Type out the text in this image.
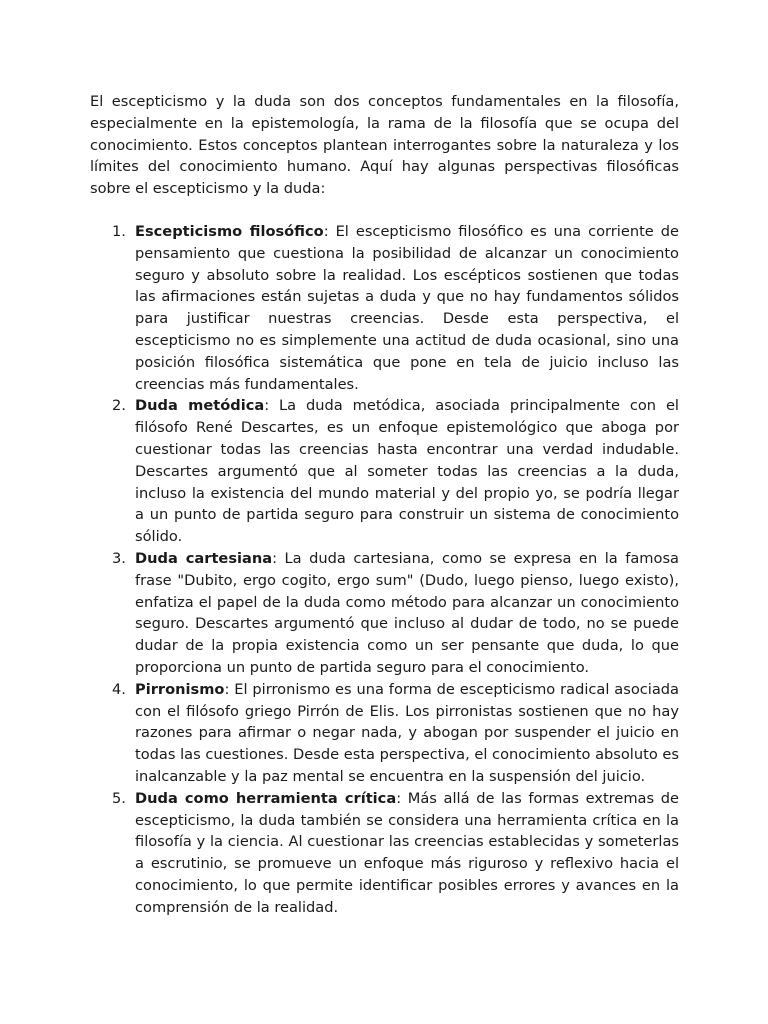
El escepticismo y la duda son dos conceptos fundamentales en la filosofía, especialmente en la epistemología, la rama de la filosofía que se ocupa del conocimiento. Estos conceptos plantean interrogantes sobre la naturaleza y los límites del conocimiento humano. Aquí hay algunas perspectivas filosóficas sobre el escepticismo y la duda:

1. Escepticismo filosófico: El escepticismo filosófico es una corriente de pensamiento que cuestiona la posibilidad de alcanzar un conocimiento seguro y absoluto sobre la realidad. Los escépticos sostienen que todas las afirmaciones están sujetas a duda y que no hay fundamentos sólidos para justificar nuestras creencias. Desde esta perspectiva, el escepticismo no es simplemente una actitud de duda ocasional, sino una posición filosófica sistemática que pone en tela de juicio incluso las creencias más fundamentales.
2. Duda metódica: La duda metódica, asociada principalmente con el filósofo René Descartes, es un enfoque epistemológico que aboga por cuestionar todas las creencias hasta encontrar una verdad indudable. Descartes argumentó que al someter todas las creencias a la duda, incluso la existencia del mundo material y del propio yo, se podría llegar a un punto de partida seguro para construir un sistema de conocimiento sólido.
3. Duda cartesiana: La duda cartesiana, como se expresa en la famosa frase "Dubito, ergo cogito, ergo sum" (Dudo, luego pienso, luego existo), enfatiza el papel de la duda como método para alcanzar un conocimiento seguro. Descartes argumentó que incluso al dudar de todo, no se puede dudar de la propia existencia como un ser pensante que duda, lo que proporciona un punto de partida seguro para el conocimiento.
4. Pirronismo: El pirronismo es una forma de escepticismo radical asociada con el filósofo griego Pirrón de Elis. Los pirronistas sostienen que no hay razones para afirmar o negar nada, y abogan por suspender el juicio en todas las cuestiones. Desde esta perspectiva, el conocimiento absoluto es inalcanzable y la paz mental se encuentra en la suspensión del juicio.
5. Duda como herramienta crítica: Más allá de las formas extremas de escepticismo, la duda también se considera una herramienta crítica en la filosofía y la ciencia. Al cuestionar las creencias establecidas y someterlas a escrutinio, se promueve un enfoque más riguroso y reflexivo hacia el conocimiento, lo que permite identificar posibles errores y avances en la comprensión de la realidad.
